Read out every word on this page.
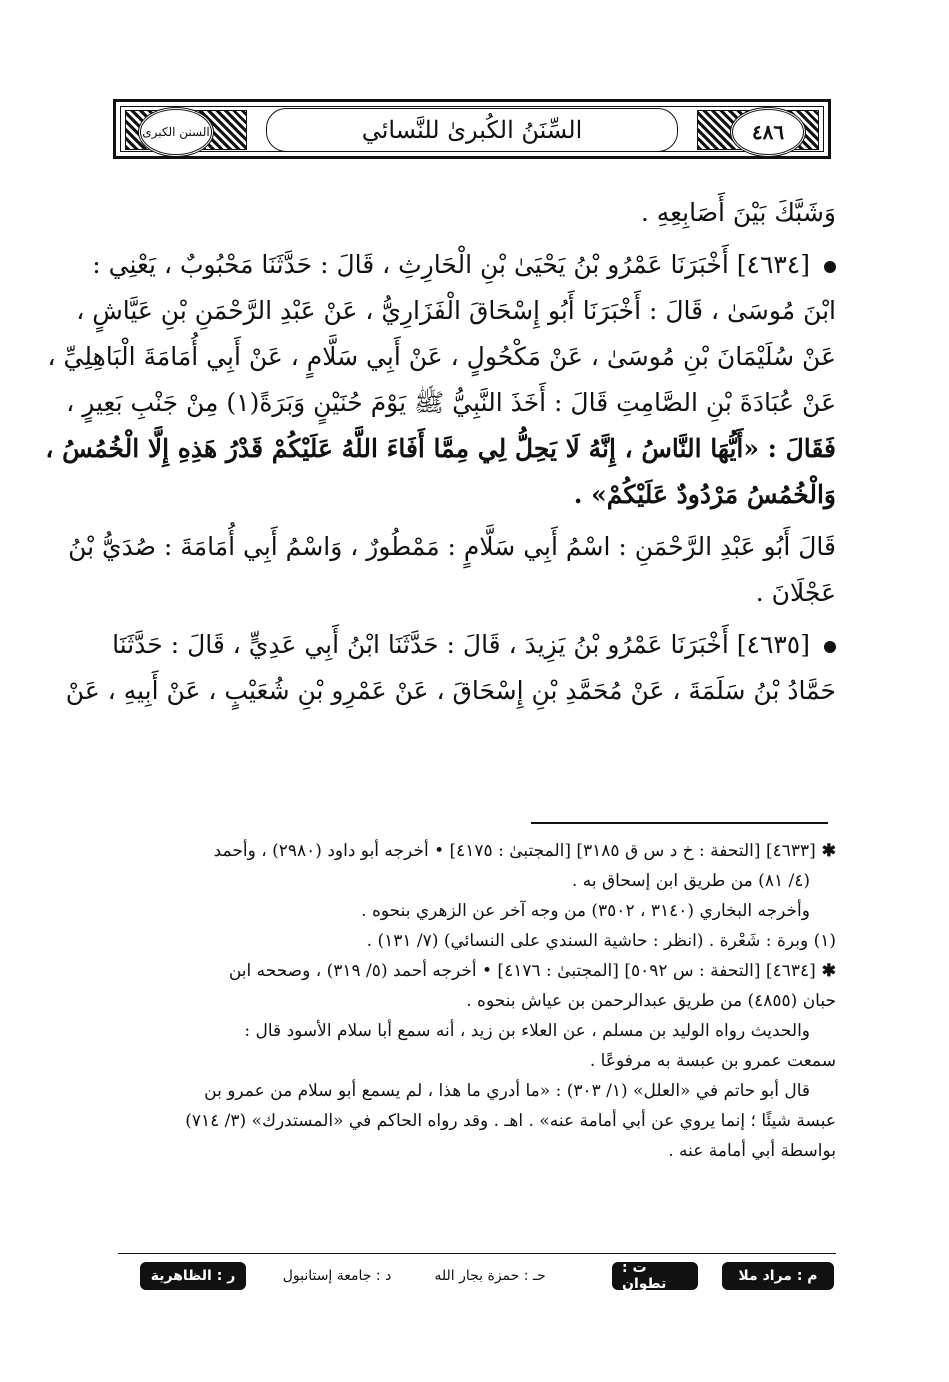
السنن الكبرى	٤٨٦
السِّنَنُ الكُبرىٰ للنَّسائي
وَشَبَّكَ بَيْنَ أَصَابِعِهِ .
[٤٦٣٤] أَخْبَرَنَا عَمْرُو بْنُ يَحْيَىٰ بْنِ الْحَارِثِ ، قَالَ : حَدَّثَنَا مَحْبُوبٌ ، يَعْنِي :
ابْنَ مُوسَىٰ ، قَالَ : أَخْبَرَنَا أَبُو إِسْحَاقَ الْفَزَارِيُّ ، عَنْ عَبْدِ الرَّحْمَنِ بْنِ عَيَّاشٍ ،
عَنْ سُلَيْمَانَ بْنِ مُوسَىٰ ، عَنْ مَكْحُولٍ ، عَنْ أَبِي سَلَّامٍ ، عَنْ أَبِي أُمَامَةَ الْبَاهِلِيِّ ،
عَنْ عُبَادَةَ بْنِ الصَّامِتِ قَالَ : أَخَذَ النَّبِيُّ ﷺ يَوْمَ حُنَيْنٍ وَبَرَةً(١) مِنْ جَنْبِ بَعِيرٍ ،
فَقَالَ : «أَيُّهَا النَّاسُ ، إِنَّهُ لَا يَحِلُّ لِي مِمَّا أَفَاءَ اللَّهُ عَلَيْكُمْ قَدْرُ هَذِهِ إِلَّا الْخُمُسُ ،
وَالْخُمُسُ مَرْدُودٌ عَلَيْكُمْ» .
قَالَ أَبُو عَبْدِ الرَّحْمَنِ : اسْمُ أَبِي سَلَّامٍ : مَمْطُورٌ ، وَاسْمُ أَبِي أُمَامَةَ : صُدَيُّ بْنُ
عَجْلَانَ .
[٤٦٣٥] أَخْبَرَنَا عَمْرُو بْنُ يَزِيدَ ، قَالَ : حَدَّثَنَا ابْنُ أَبِي عَدِيٍّ ، قَالَ : حَدَّثَنَا
حَمَّادُ بْنُ سَلَمَةَ ، عَنْ مُحَمَّدِ بْنِ إِسْحَاقَ ، عَنْ عَمْرِو بْنِ شُعَيْبٍ ، عَنْ أَبِيهِ ، عَنْ
✱[٤٦٣٣] [التحفة : خ د س ق ٣١٨٥] [المجتبىٰ : ٤١٧٥] • أخرجه أبو داود (٢٩٨٠) ، وأحمد
(٤/ ٨١) من طريق ابن إسحاق به .
وأخرجه البخاري (٣١٤٠ ، ٣٥٠٢) من وجه آخر عن الزهري بنحوه .
(١) وبرة : شَعْرة . (انظر : حاشية السندي على النسائي) (٧/ ١٣١) .
✱[٤٦٣٤] [التحفة : س ٥٠٩٢] [المجتبىٰ : ٤١٧٦] • أخرجه أحمد (٥/ ٣١٩) ، وصححه ابن
حبان (٤٨٥٥) من طريق عبدالرحمن بن عياش بنحوه .
والحديث رواه الوليد بن مسلم ، عن العلاء بن زيد ، أنه سمع أبا سلام الأسود قال :
سمعت عمرو بن عبسة به مرفوعًا .
قال أبو حاتم في «العلل» (١/ ٣٠٣) : «ما أدري ما هذا ، لم يسمع أبو سلام من عمرو بن
عبسة شيئًا ؛ إنما يروي عن أبي أمامة عنه» . اهـ . وقد رواه الحاكم في «المستدرك» (٣/ ٧١٤)
بواسطة أبي أمامة عنه .
م : مراد ملا
ت : تطوان
حـ : حمزة بجار الله
د : جامعة إستانبول
ر : الظاهرية
